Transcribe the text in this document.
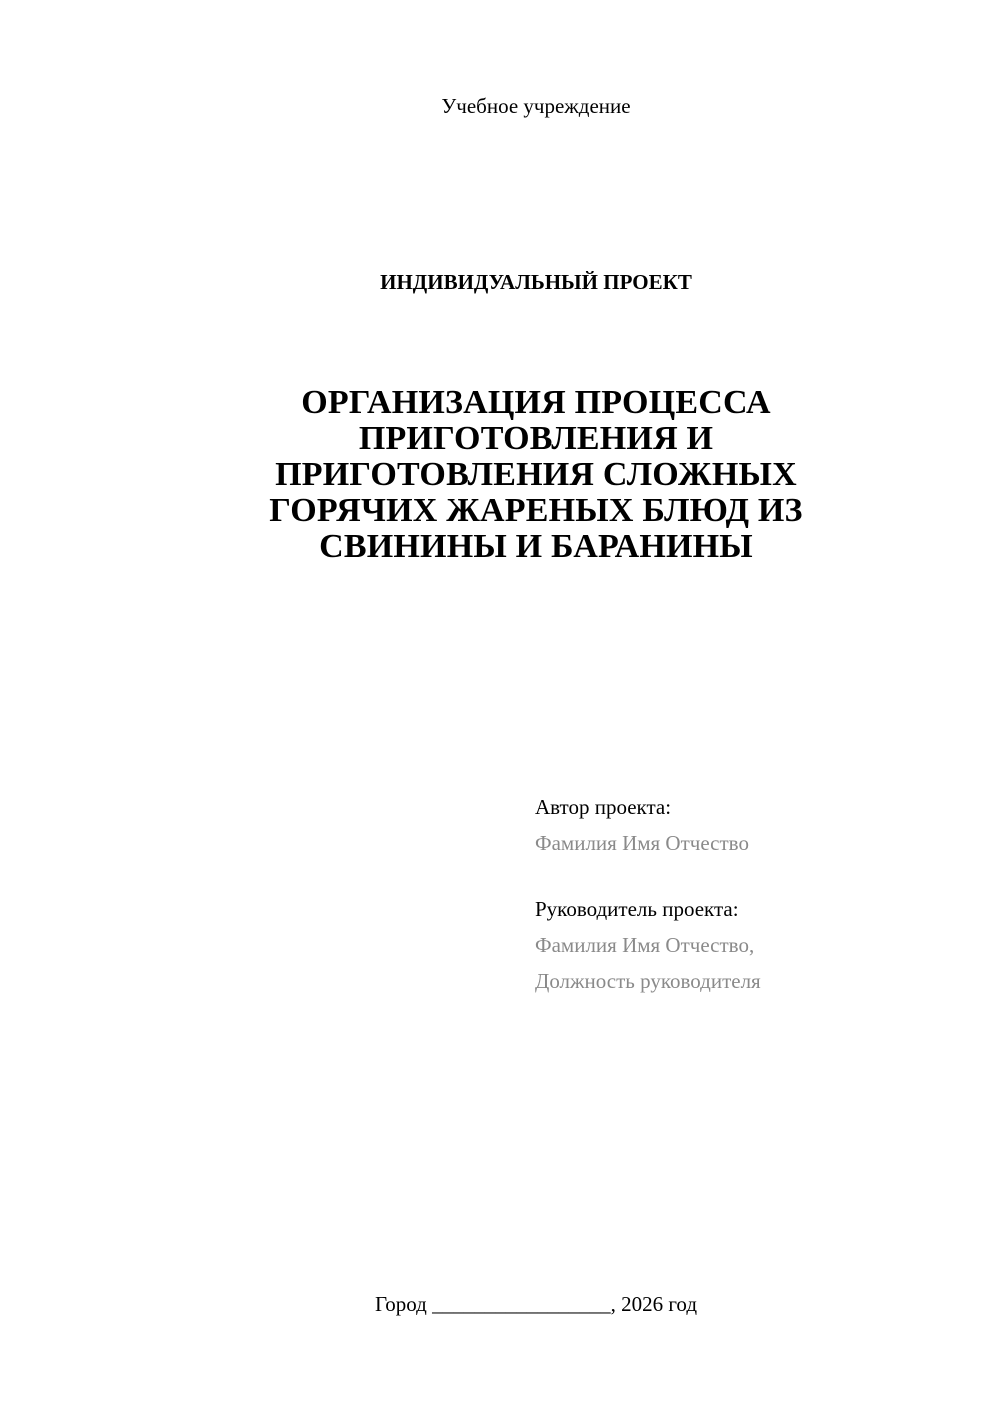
Учебное учреждение
ИНДИВИДУАЛЬНЫЙ ПРОЕКТ
ОРГАНИЗАЦИЯ ПРОЦЕССА
ПРИГОТОВЛЕНИЯ И
ПРИГОТОВЛЕНИЯ СЛОЖНЫХ
ГОРЯЧИХ ЖАРЕНЫХ БЛЮД ИЗ
СВИНИНЫ И БАРАНИНЫ
Автор проекта:
Фамилия Имя Отчество
Руководитель проекта:
Фамилия Имя Отчество,
Должность руководителя
Город _________________, 2026 год
